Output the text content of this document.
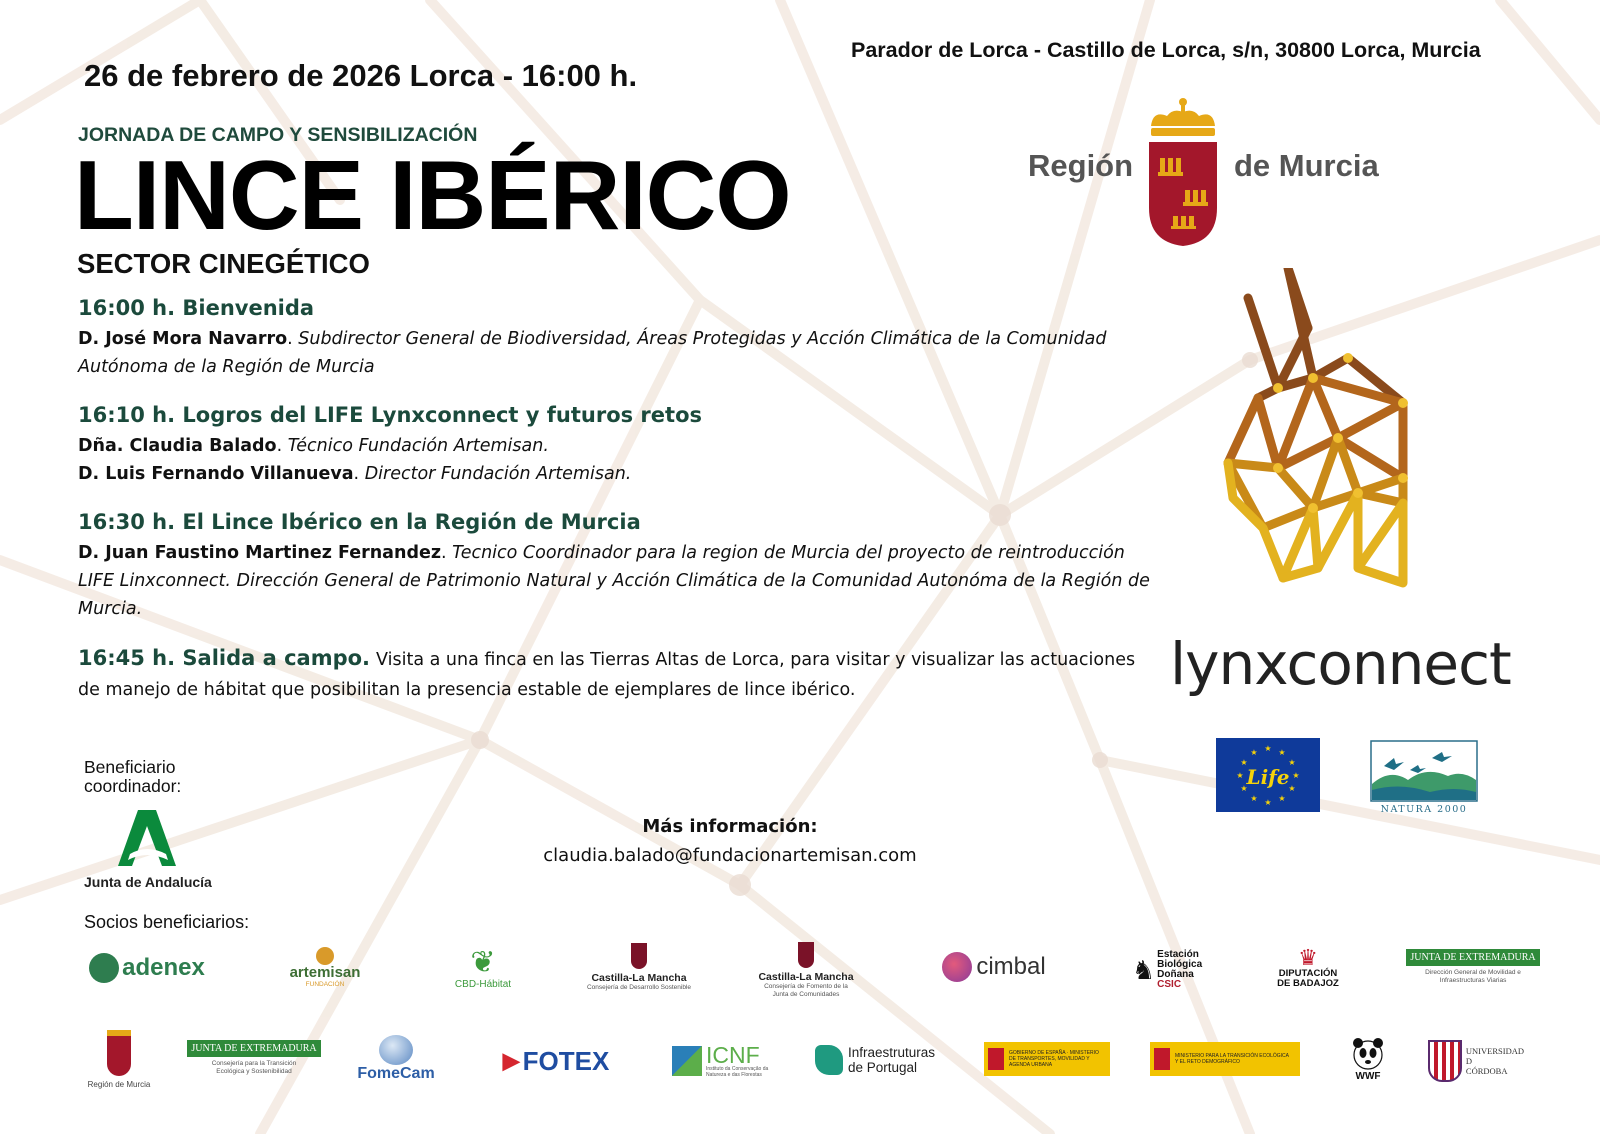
26 de febrero de 2026 Lorca - 16:00 h.
Parador de Lorca - Castillo de Lorca, s/n, 30800 Lorca, Murcia
JORNADA DE CAMPO Y SENSIBILIZACIÓN
LINCE IBÉRICO
SECTOR CINEGÉTICO
16:00 h. Bienvenida
D. José Mora Navarro. Subdirector General de Biodiversidad, Áreas Protegidas y Acción Climática de la Comunidad Autónoma de la Región de Murcia
16:10 h. Logros del LIFE Lynxconnect y futuros retos
Dña. Claudia Balado. Técnico Fundación Artemisan.
D. Luis Fernando Villanueva. Director Fundación Artemisan.
16:30 h. El Lince Ibérico en la Región de Murcia
D. Juan Faustino Martinez Fernandez. Tecnico Coordinador para la region de Murcia del proyecto de reintroducción LIFE Linxconnect. Dirección General de Patrimonio Natural y Acción Climática de la Comunidad Autonóma de la Región de Murcia.
16:45 h. Salida a campo. Visita a una finca en las Tierras Altas de Lorca, para visitar y visualizar las actuaciones de manejo de hábitat que posibilitan la presencia estable de ejemplares de lince ibérico.
Región	de Murcia
lynxconnect
★ ★
★
★
★
★
★
★
★
★
★
★
Life
NATURA 2000
Beneficiario
coordinador:
Junta de Andalucía
Más información:
claudia.balado@fundacionartemisan.com
Socios beneficiarios:
adenex	artemisan
FUNDACIÓN
❦
CBD-Hábitat
Castilla-La Mancha
Consejería de Desarrollo Sostenible
Castilla-La Mancha
Consejería de Fomento de la Junta de Comunidades
cimbal	♞ Estación
Biológica
Doñana
CSIC
♛
DIPUTACIÓN
DE BADAJOZ
JUNTA DE EXTREMADURA
Dirección General de Movilidad e Infraestructuras Viarias
Región de Murcia
JUNTA DE EXTREMADURA
Consejería para la Transición Ecológica y Sostenibilidad	FomeCam
▶ FOTEX	ICNF
Instituto da Conservação da Natureza e das Florestas
Infraestruturas
de Portugal
GOBIERNO DE ESPAÑA · MINISTERIO DE TRANSPORTES, MOVILIDAD Y AGENDA URBANA
MINISTERIO PARA LA TRANSICIÓN ECOLÓGICA Y EL RETO DEMOGRÁFICO
WWF
UNIVERSIDAD
D
CÓRDOBA
